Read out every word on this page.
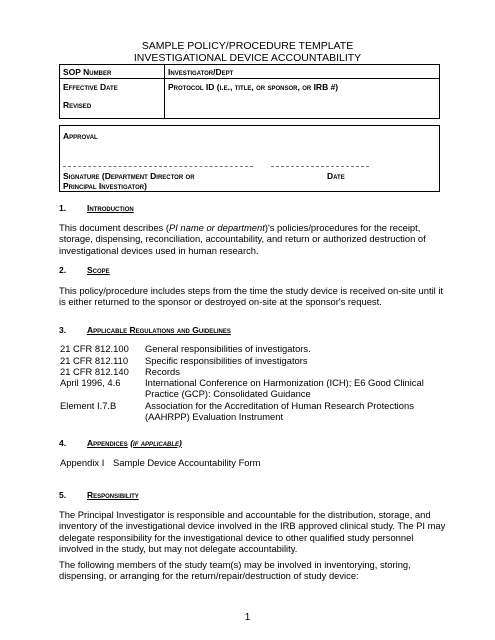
SAMPLE POLICY/PROCEDURE TEMPLATE
INVESTIGATIONAL DEVICE ACCOUNTABILITY
SOP Number	Investigator/Dept
Effective Date	Protocol ID (i.e., title, or sponsor, or IRB #)
Revised
Approval
Signature (Department Director or
Principal Investigator)
Date
1. Introduction
This document describes (PI name or department)'s policies/procedures for the receipt, storage, dispensing, reconciliation, accountability, and return or authorized destruction of investigational devices used in human research.
2. Scope
This policy/procedure includes steps from the time the study device is received on-site until it is either returned to the sponsor or destroyed on-site at the sponsor's request.
3. Applicable Regulations and Guidelines
21 CFR 812.100 General responsibilities of investigators.
21 CFR 812.110 Specific responsibilities of investigators
21 CFR 812.140 Records
April 1996, 4.6	International Conference on Harmonization (ICH); E6 Good Clinical Practice (GCP): Consolidated Guidance
Element I.7.B	Association for the Accreditation of Human Research Protections (AAHRPP) Evaluation Instrument
4. Appendices (if applicable)
Appendix I Sample Device Accountability Form
5. Responsibility
The Principal Investigator is responsible and accountable for the distribution, storage, and inventory of the investigational device involved in the IRB approved clinical study. The PI may delegate responsibility for the investigational device to other qualified study personnel involved in the study, but may not delegate accountability.
The following members of the study team(s) may be involved in inventorying, storing, dispensing, or arranging for the return/repair/destruction of study device:
1
